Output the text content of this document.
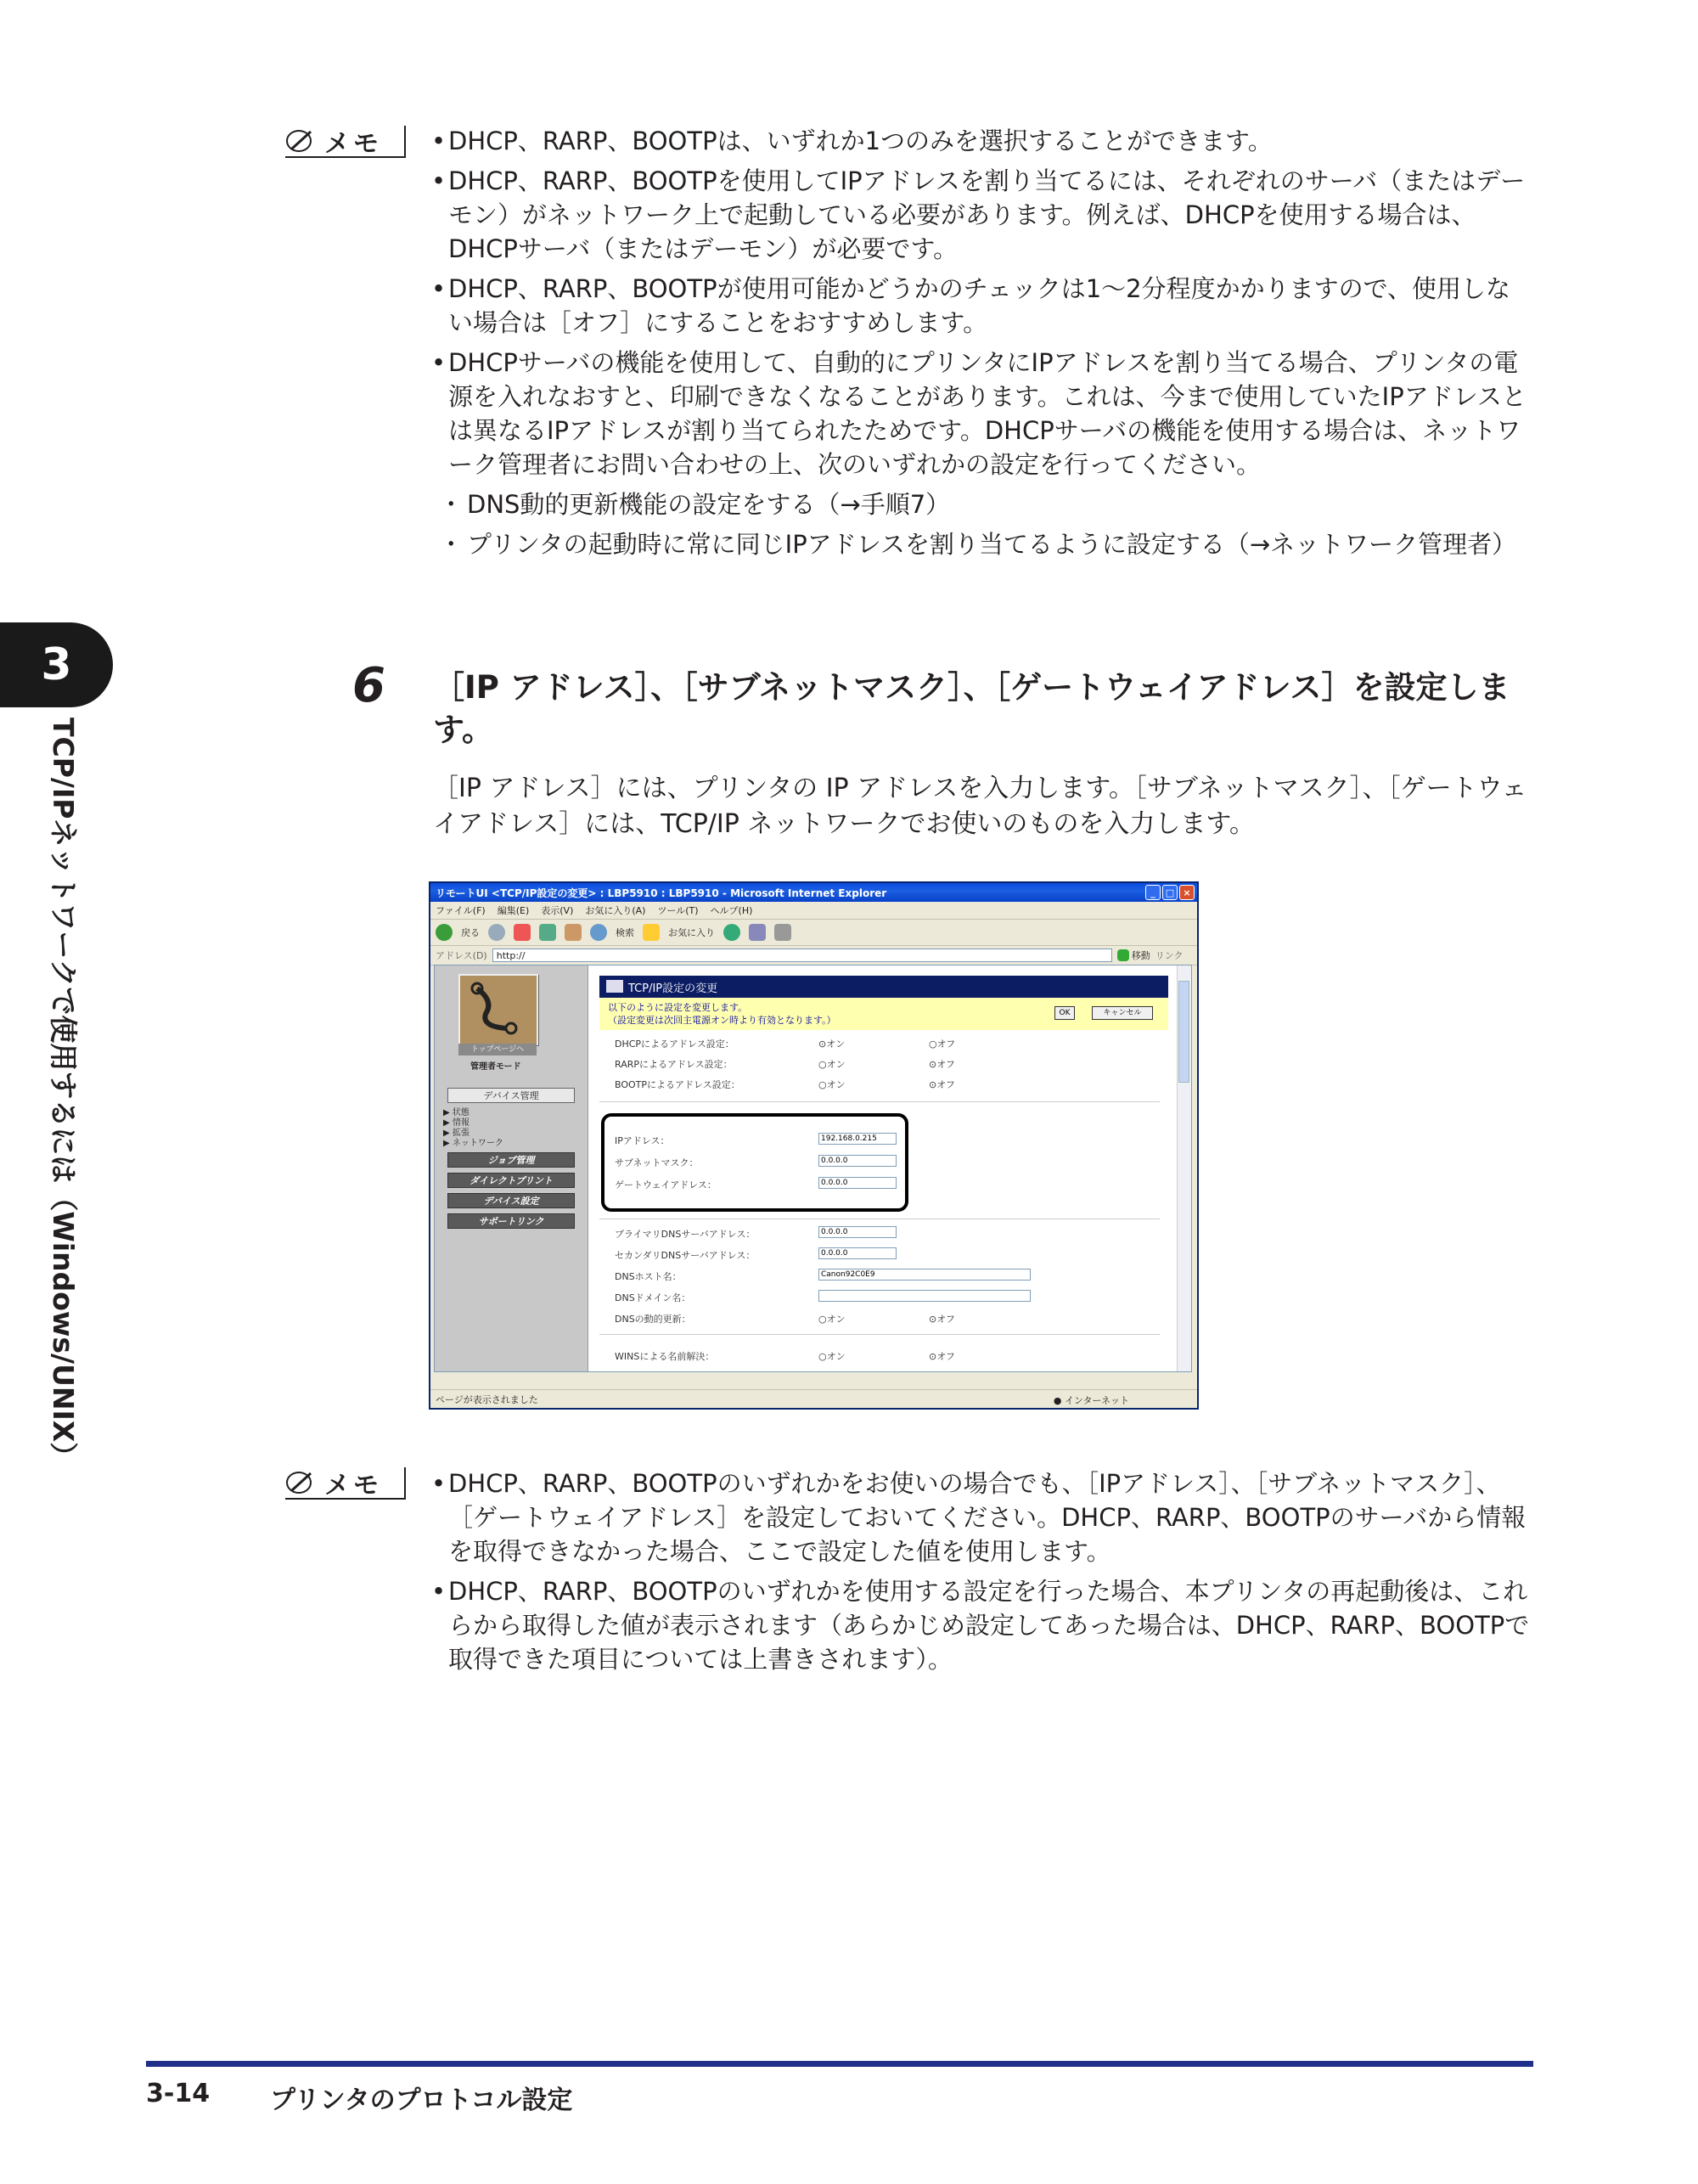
3
TCP/IPネットワークで使用するには（Windows/UNIX）
メモ	• DHCP、RARP、BOOTPは、いずれか1つのみを選択することができます。
• DHCP、RARP、BOOTPを使用してIPアドレスを割り当てるには、それぞれのサーバ（またはデーモン）がネットワーク上で起動している必要があります。例えば、DHCPを使用する場合は、DHCPサーバ（またはデーモン）が必要です。
• DHCP、RARP、BOOTPが使用可能かどうかのチェックは1〜2分程度かかりますので、使用しない場合は［オフ］にすることをおすすめします。
• DHCPサーバの機能を使用して、自動的にプリンタにIPアドレスを割り当てる場合、プリンタの電源を入れなおすと、印刷できなくなることがあります。これは、今まで使用していたIPアドレスとは異なるIPアドレスが割り当てられたためです。DHCPサーバの機能を使用する場合は、ネットワーク管理者にお問い合わせの上、次のいずれかの設定を行ってください。
･ DNS動的更新機能の設定をする（→手順7）
･ プリンタの起動時に常に同じIPアドレスを割り当てるように設定する（→ネットワーク管理者）
6 ［IP アドレス］、［サブネットマスク］、［ゲートウェイアドレス］を設定します。
［IP アドレス］には、プリンタの IP アドレスを入力します。［サブネットマスク］、［ゲートウェイアドレス］には、TCP/IP ネットワークでお使いのものを入力します。
リモートUI <TCP/IP設定の変更> : LBP5910 : LBP5910 - Microsoft Internet Explorer	_	□ ×
ファイル(F) 編集(E) 表示(V) お気に入り(A) ツール(T) ヘルプ(H)
戻る	検索	お気に入り
アドレス(D) http://	移動 リンク
トップページへ
管理者モード
デバイス管理
▶ 状態
▶ 情報
▶ 拡張
▶ ネットワーク
ジョブ管理
ダイレクトプリント
デバイス設定
サポートリンク
TCP/IP設定の変更
以下のように設定を変更します。
（設定変更は次回主電源オン時より有効となります。）
OK	キャンセル
DHCPによるアドレス設定：	⊙オン	○オフ
RARPによるアドレス設定：	○オン	⊙オフ
BOOTPによるアドレス設定：	○オン	⊙オフ
IPアドレス：	192.168.0.215
サブネットマスク：	0.0.0.0
ゲートウェイアドレス：	0.0.0.0
プライマリDNSサーバアドレス：	0.0.0.0
セカンダリDNSサーバアドレス：	0.0.0.0
DNSホスト名：	Canon92C0E9
DNSドメイン名：
DNSの動的更新：	○オン	⊙オフ
WINSによる名前解決：	○オン	⊙オフ
ページが表示されました	● インターネット
メモ	• DHCP、RARP、BOOTPのいずれかをお使いの場合でも、［IPアドレス］、［サブネットマスク］、［ゲートウェイアドレス］を設定しておいてください。DHCP、RARP、BOOTPのサーバから情報を取得できなかった場合、ここで設定した値を使用します。
• DHCP、RARP、BOOTPのいずれかを使用する設定を行った場合、本プリンタの再起動後は、これらから取得した値が表示されます（あらかじめ設定してあった場合は、DHCP、RARP、BOOTPで取得できた項目については上書きされます）。
3-14 プリンタのプロトコル設定
